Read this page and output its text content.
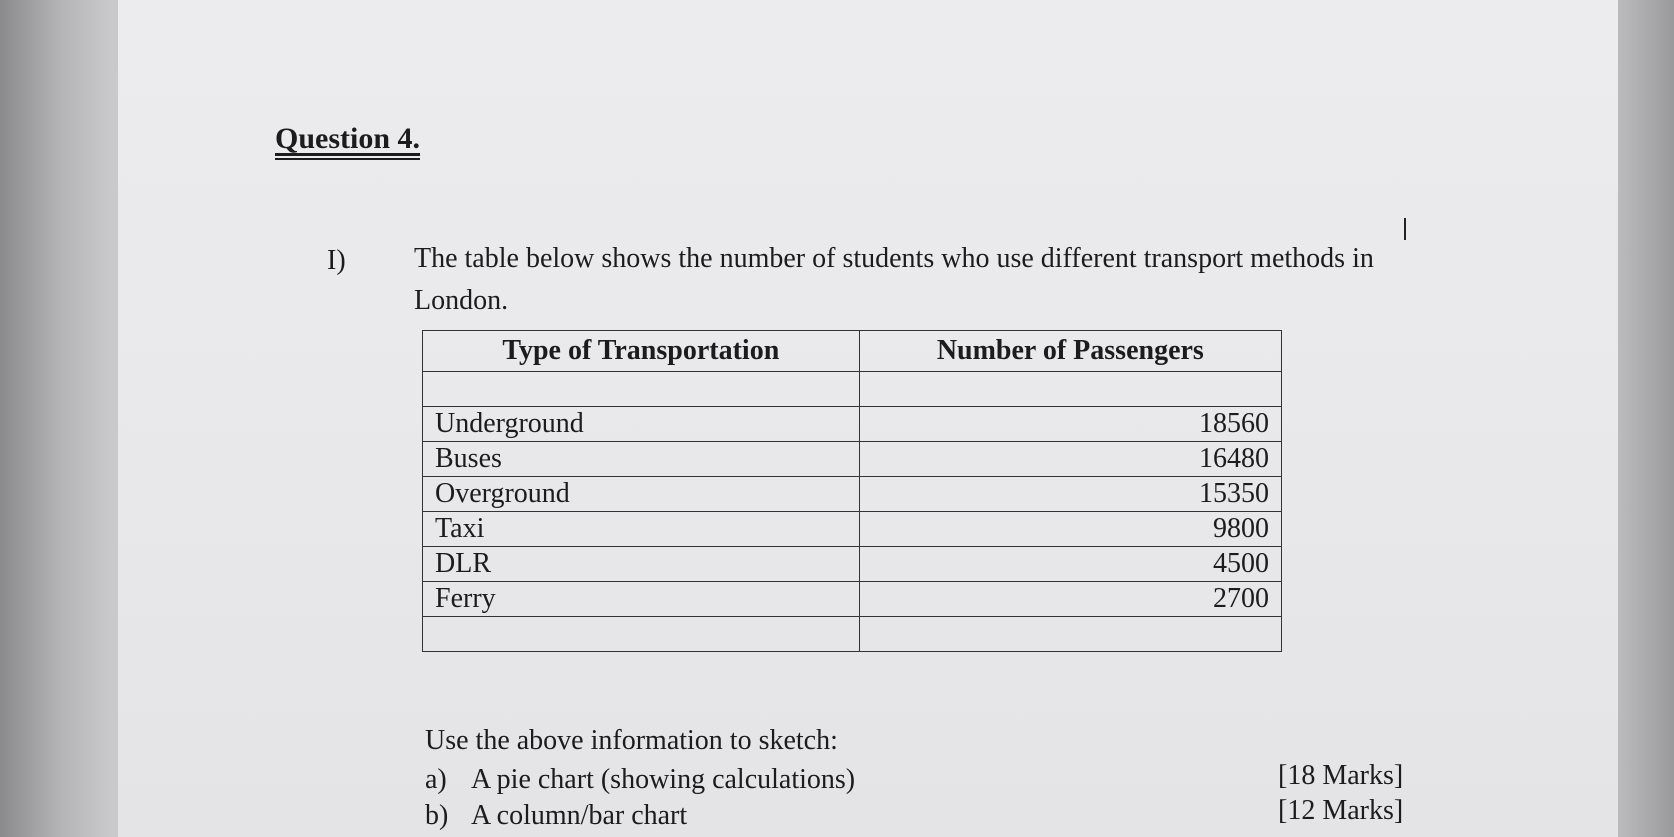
Question 4.
I) The table below shows the number of students who use different transport methods in London.
Type of Transportation	Number of Passengers

Underground	18560
Buses	16480
Overground	15350
Taxi	9800
DLR	4500
Ferry	2700

Use the above information to sketch:
a) A pie chart (showing calculations)	[18 Marks]
b) A column/bar chart	[12 Marks]
